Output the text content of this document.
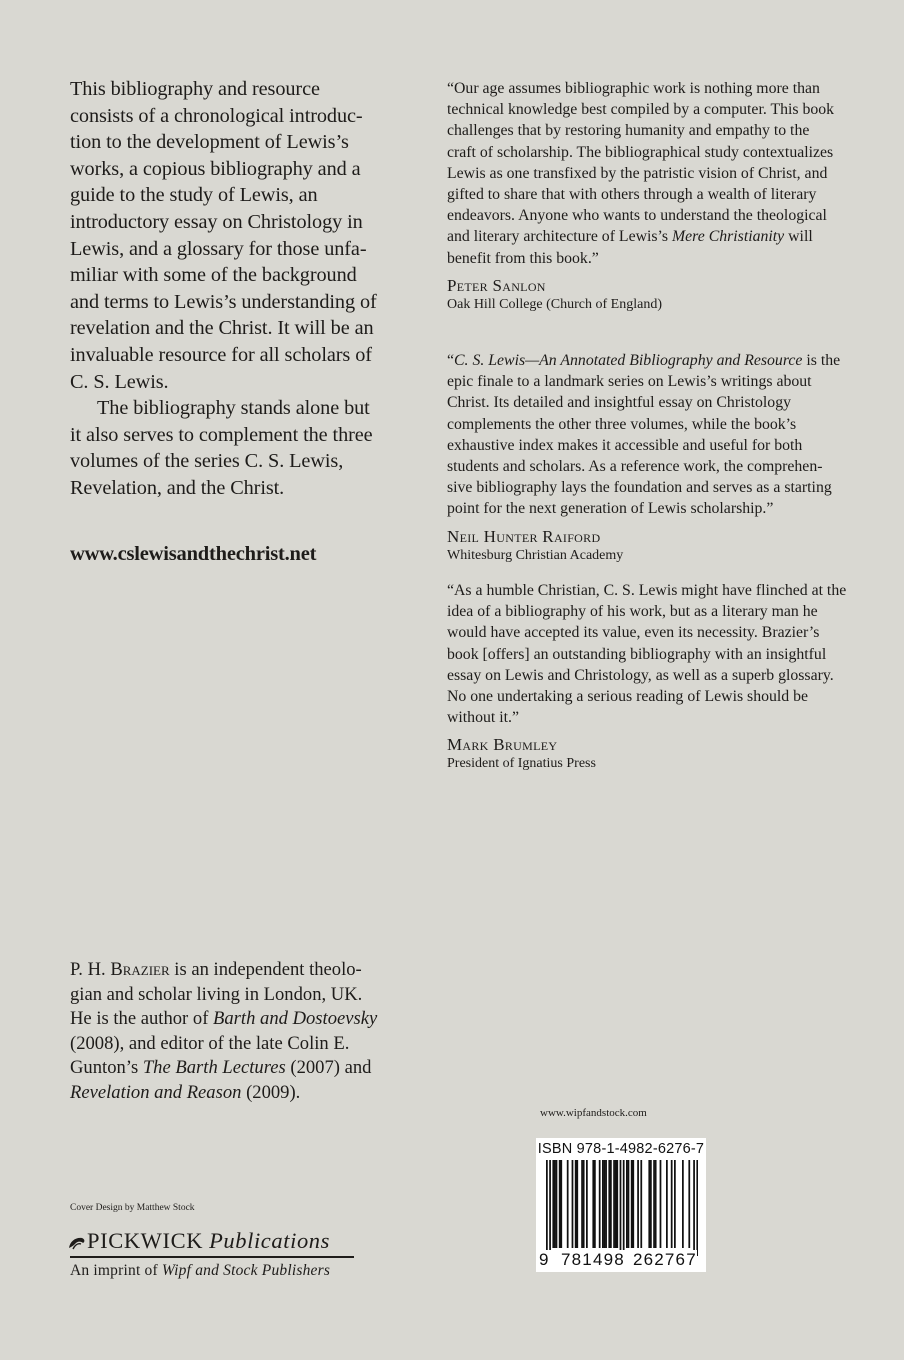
This bibliography and resource
consists of a chronological introduc-
tion to the development of Lewis’s
works, a copious bibliography and a
guide to the study of Lewis, an
introductory essay on Christology in
Lewis, and a glossary for those unfa-
miliar with some of the background
and terms to Lewis’s understanding of
revelation and the Christ. It will be an
invaluable resource for all scholars of
C. S. Lewis.

The bibliography stands alone but
it also serves to complement the three
volumes of the series C. S. Lewis,
Revelation, and the Christ.

www.cslewisandthechrist.net

“Our age assumes bibliographic work is nothing more than
technical knowledge best compiled by a computer. This book
challenges that by restoring humanity and empathy to the
craft of scholarship. The bibliographical study contextualizes
Lewis as one transfixed by the patristic vision of Christ, and
gifted to share that with others through a wealth of literary
endeavors. Anyone who wants to understand the theological
and literary architecture of Lewis’s Mere Christianity will
benefit from this book.”

Peter Sanlon
Oak Hill College (Church of England)

“C. S. Lewis—An Annotated Bibliography and Resource is the
epic finale to a landmark series on Lewis’s writings about
Christ. Its detailed and insightful essay on Christology
complements the other three volumes, while the book’s
exhaustive index makes it accessible and useful for both
students and scholars. As a reference work, the comprehen-
sive bibliography lays the foundation and serves as a starting
point for the next generation of Lewis scholarship.”

Neil Hunter Raiford
Whitesburg Christian Academy

“As a humble Christian, C. S. Lewis might have flinched at the
idea of a bibliography of his work, but as a literary man he
would have accepted its value, even its necessity. Brazier’s
book [offers] an outstanding bibliography with an insightful
essay on Lewis and Christology, as well as a superb glossary.
No one undertaking a serious reading of Lewis should be
without it.”

Mark Brumley
President of Ignatius Press
P. H. Brazier is an independent theolo-
gian and scholar living in London, UK.
He is the author of Barth and Dostoevsky
(2008), and editor of the late Colin E.
Gunton’s The Barth Lectures (2007) and
Revelation and Reason (2009).
Cover Design by Matthew Stock
PICKWICK Publications
An imprint of Wipf and Stock Publishers
www.wipfandstock.com
ISBN 978-1-4982-6276-7
9 781498 262767
